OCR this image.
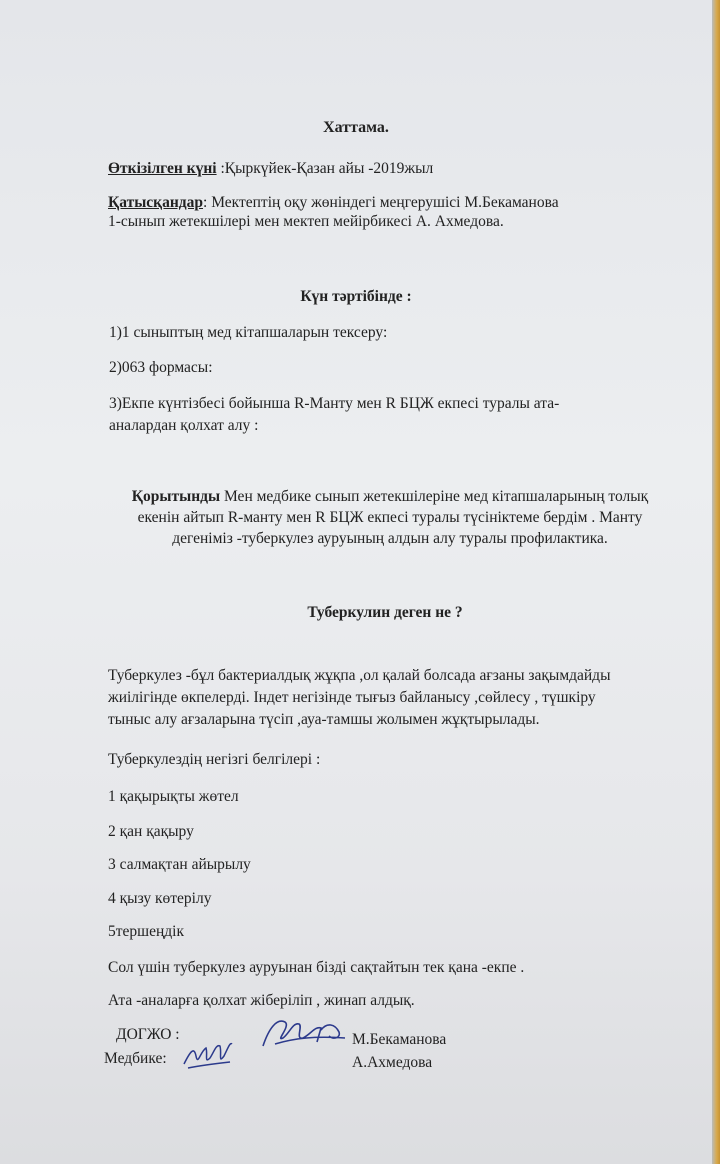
Хаттама.
Өткізілген күні :Қыркүйек-Қазан айы -2019жыл
Қатысқандар: Мектептің оқу жөніндегі меңгерушісі М.Бекаманова
1-сынып жетекшілері мен мектеп мейірбикесі А. Ахмедова.
Күн тәртібінде :
1)1 сыныптың мед кітапшаларын тексеру:
2)063 формасы:
3)Екпе күнтізбесі бойынша R-Манту мен R БЦЖ екпесі туралы ата-
аналардан қолхат алу :
Қорытынды Мен медбике сынып жетекшілеріне мед кітапшаларының толық
екенін айтып R-манту мен R БЦЖ екпесі туралы түсініктеме бердім . Манту
дегеніміз -туберкулез ауруының алдын алу туралы профилактика.
Туберкулин деген не ?
Туберкулез -бұл бактериалдық жұқпа ,ол қалай болсада ағзаны зақымдайды
жиілігінде өкпелерді. Індет негізінде тығыз байланысу ,сөйлесу , түшкіру
тыныс алу ағзаларына түсіп ,ауа-тамшы жолымен жұқтырылады.
Туберкулездің негізгі белгілері :
1 қақырықты жөтел
2 қан қақыру
3 салмақтан айырылу
4 қызу көтерілу
5тершеңдік
Сол үшін туберкулез ауруынан бізді сақтайтын тек қана -екпе .
Ата -аналарға қолхат жіберіліп , жинап алдық.
ДОГЖО :
Медбике:
М.Бекаманова
А.Ахмедова
